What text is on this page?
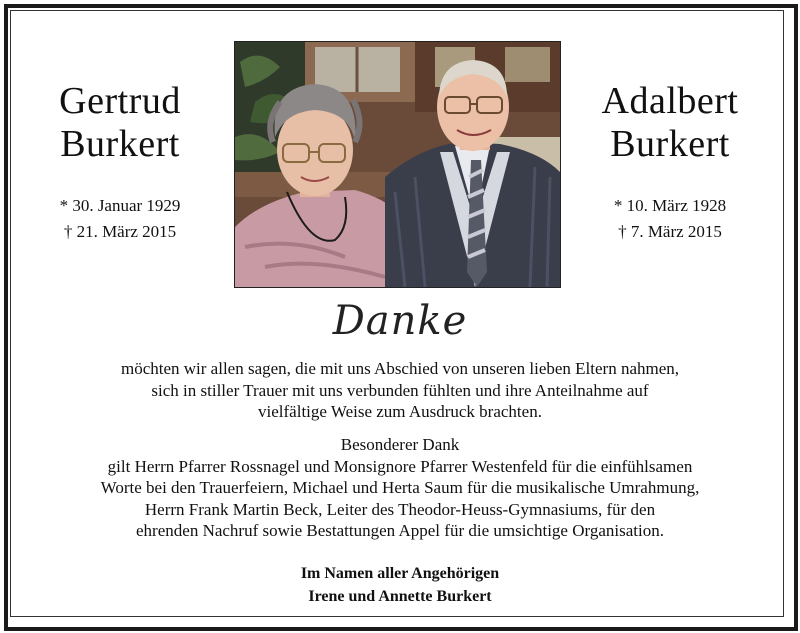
Gertrud
Burkert
* 30. Januar 1929
† 21. März 2015
Adalbert
Burkert
* 10. März 1928
† 7. März 2015
Danke
möchten wir allen sagen, die mit uns Abschied von unseren lieben Eltern nahmen,
sich in stiller Trauer mit uns verbunden fühlten und ihre Anteilnahme auf
vielfältige Weise zum Ausdruck brachten.
Besonderer Dank
gilt Herrn Pfarrer Rossnagel und Monsignore Pfarrer Westenfeld für die einfühlsamen
Worte bei den Trauerfeiern, Michael und Herta Saum für die musikalische Umrahmung,
Herrn Frank Martin Beck, Leiter des Theodor-Heuss-Gymnasiums, für den
ehrenden Nachruf sowie Bestattungen Appel für die umsichtige Organisation.
Im Namen aller Angehörigen
Irene und Annette Burkert
